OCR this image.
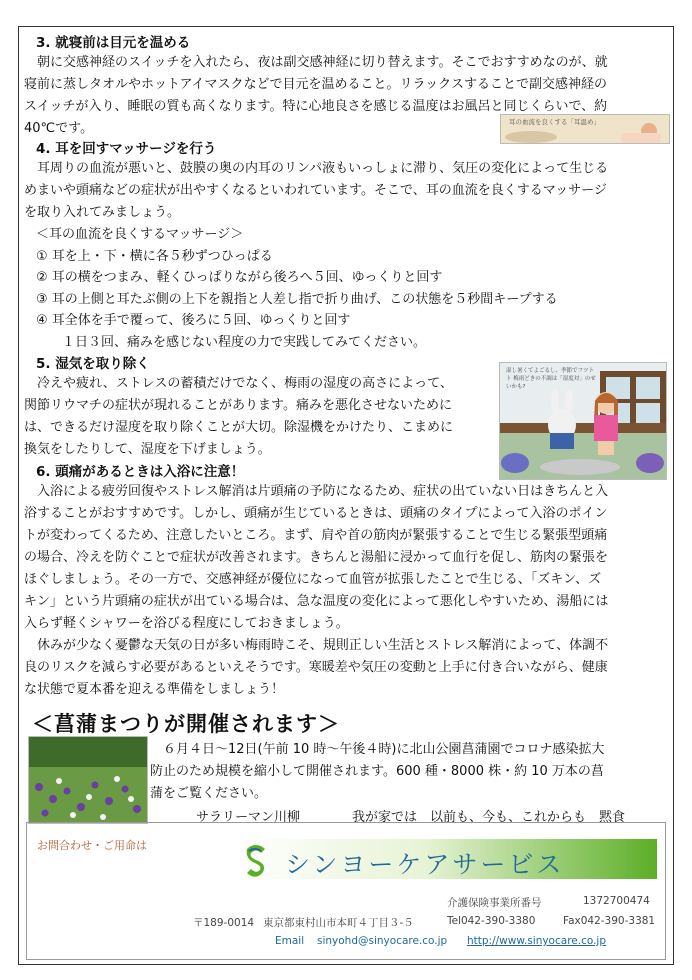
3. 就寝前は目元を温める

朝に交感神経のスイッチを入れたら、夜は副交感神経に切り替えます。そこでおすすめなのが、就

寝前に蒸しタオルやホットアイマスクなどで目元を温めること。リラックスすることで副交感神経の
スイッチが入り、睡眠の質も高くなります。特に心地良さを感じる温度はお風呂と同じくらいで、約
40℃です。	耳の血流を良くする「耳温め」
4. 耳を回すマッサージを行う

耳周りの血流が悪いと、鼓膜の奥の内耳のリンパ液もいっしょに滞り、気圧の変化によって生じる

めまいや頭痛などの症状が出やすくなるといわれています。そこで、耳の血流を良くするマッサージ
を取り入れてみましょう。
＜耳の血流を良くするマッサージ＞
① 耳を上・下・横に各５秒ずつひっぱる
② 耳の横をつまみ、軽くひっぱりながら後ろへ５回、ゆっくりと回す
③ 耳の上側と耳たぶ側の上下を親指と人差し指で折り曲げ、この状態を５秒間キープする
④ 耳全体を手で覆って、後ろに５回、ゆっくりと回す
１日３回、痛みを感じない程度の力で実践してみてください。
5. 湿気を取り除く

冷えや疲れ、ストレスの蓄積だけでなく、梅雨の湿度の高さによって、

関節リウマチの症状が現れることがあります。痛みを悪化させないために
は、できるだけ湿度を取り除くことが大切。除湿機をかけたり、こまめに
換気をしたりして、湿度を下げましょう。
湿し暑くてよごるし、季節でフツトト 梅雨どきの不調は「湿度対」のせいかも?
6. 頭痛があるときは入浴に注意！

入浴による疲労回復やストレス解消は片頭痛の予防になるため、症状の出ていない日はきちんと入

浴することがおすすめです。しかし、頭痛が生じているときは、頭痛のタイプによって入浴のポイン
トが変わってくるため、注意したいところ。まず、肩や首の筋肉が緊張することで生じる緊張型頭痛
の場合、冷えを防ぐことで症状が改善されます。きちんと湯船に浸かって血行を促し、筋肉の緊張を
ほぐしましょう。その一方で、交感神経が優位になって血管が拡張したことで生じる、「ズキン、ズ
キン」という片頭痛の症状が出ている場合は、急な温度の変化によって悪化しやすいため、湯船には
入らず軽くシャワーを浴びる程度にしておきましょう。

休みが少なく憂鬱な天気の日が多い梅雨時こそ、規則正しい生活とストレス解消によって、体調不

良のリスクを減らす必要があるといえそうです。寒暖差や気圧の変動と上手に付き合いながら、健康
な状態で夏本番を迎える準備をしましょう！
＜菖蒲まつりが開催されます＞

６月４日～12日(午前 10 時～午後４時)に北山公園菖蒲園でコロナ感染拡大

防止のため規模を縮小して開催されます。600 種・8000 株・約 10 万本の菖
蒲をご覧ください。
サラリーマン川柳	我が家では　以前も、今も、これからも　黙食
お問合わせ・ご用命は
シンヨーケアサービス
介護保険事業所番号	1372700474
〒189-0014 東京都東村山市本町４丁目３-５	Tel042-390-3380	Fax042-390-3381
Email sinyohd@sinyocare.co.jp http://www.sinyocare.co.jp
